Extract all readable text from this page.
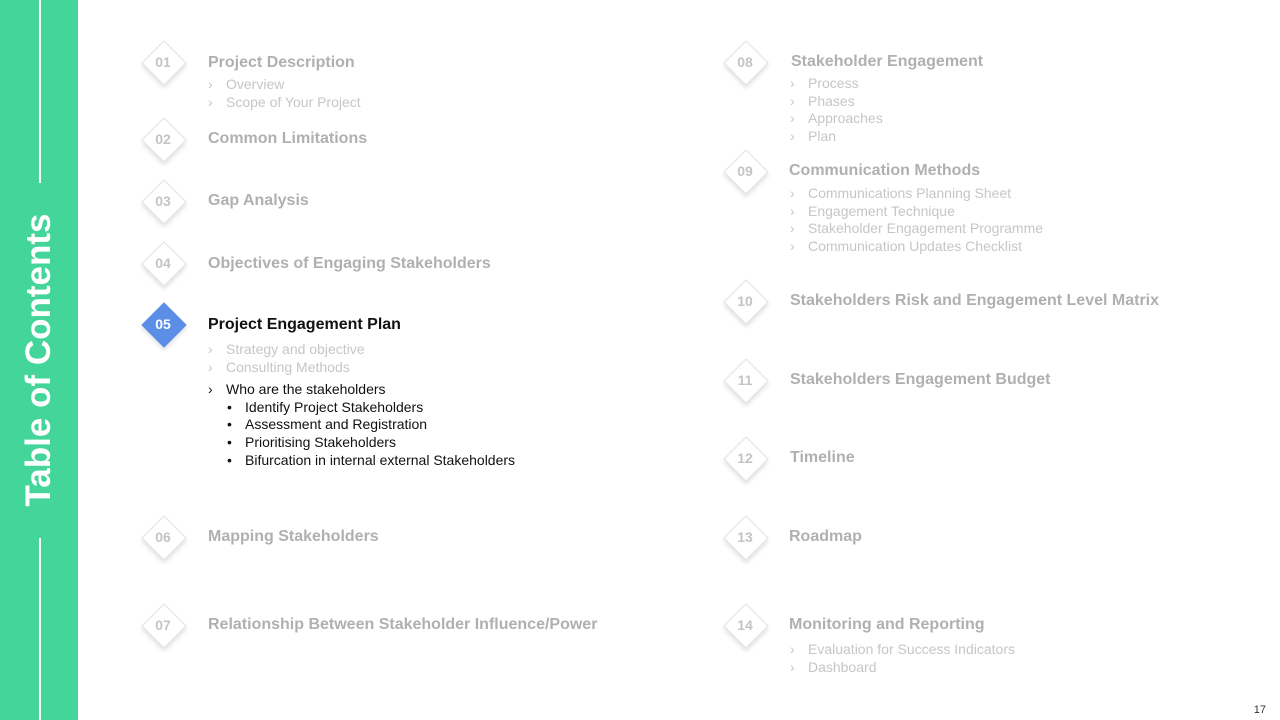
Table of Contents
01	Project Description
› Overview
› Scope of Your Project
02	Common Limitations
03	Gap Analysis
04	Objectives of Engaging Stakeholders
05	Project Engagement Plan
› Strategy and objective
› Consulting Methods
› Who are the stakeholders
• Identify Project Stakeholders
• Assessment and Registration
• Prioritising Stakeholders
• Bifurcation in internal external Stakeholders
06	Mapping Stakeholders
07	Relationship Between Stakeholder Influence/Power
08	Stakeholder Engagement
› Process
› Phases
› Approaches
› Plan
09	Communication Methods
› Communications Planning Sheet
› Engagement Technique
› Stakeholder Engagement Programme
› Communication Updates Checklist
10	Stakeholders Risk and Engagement Level Matrix
11	Stakeholders Engagement Budget
12	Timeline
13	Roadmap
14	Monitoring and Reporting
› Evaluation for Success Indicators
› Dashboard
17
